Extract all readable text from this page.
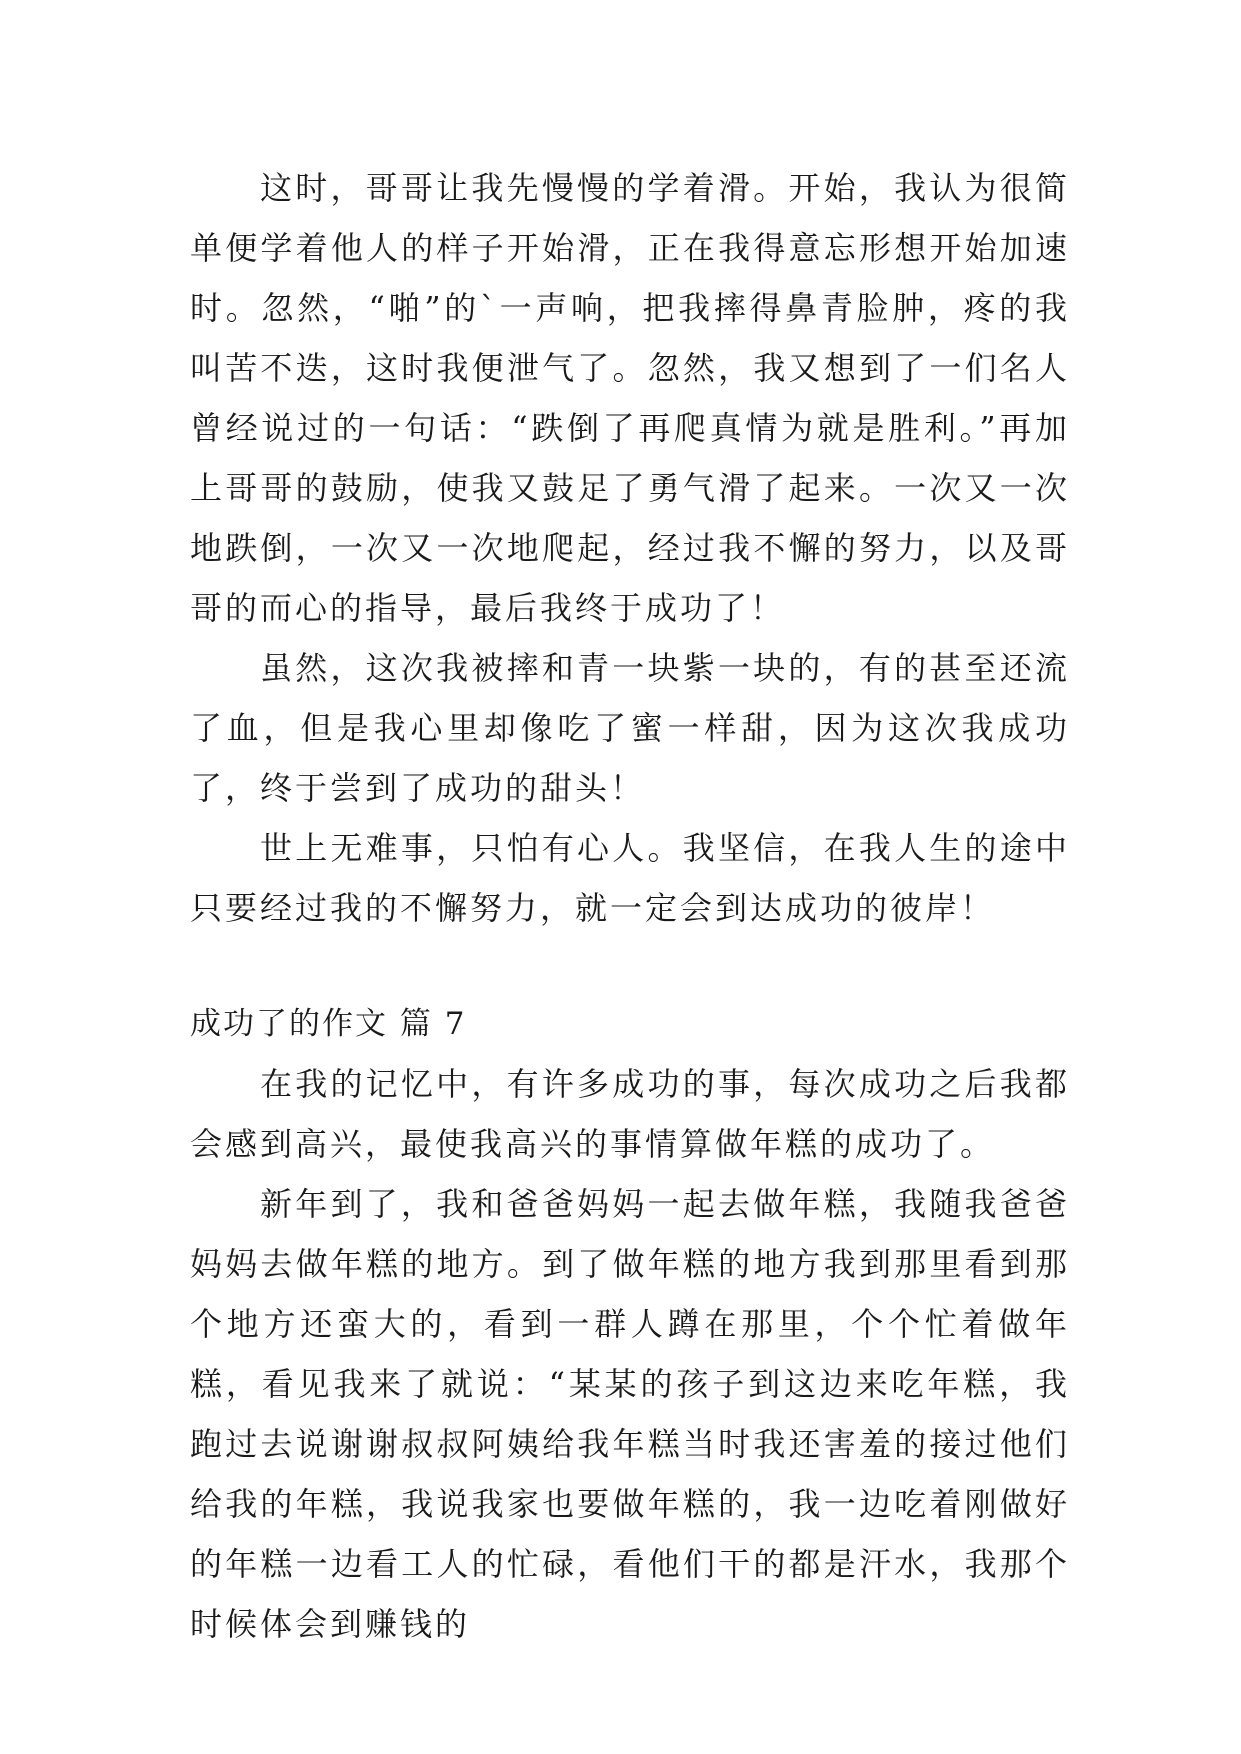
这时，哥哥让我先慢慢的学着滑。开始，我认为很简单便学着他人的样子开始滑，正在我得意忘形想开始加速时。忽然，“啪”的`一声响，把我摔得鼻青脸肿，疼的我叫苦不迭，这时我便泄气了。忽然，我又想到了一们名人曾经说过的一句话：“跌倒了再爬真情为就是胜利。”再加上哥哥的鼓励，使我又鼓足了勇气滑了起来。一次又一次地跌倒，一次又一次地爬起，经过我不懈的努力，以及哥哥的而心的指导，最后我终于成功了！

虽然，这次我被摔和青一块紫一块的，有的甚至还流了血，但是我心里却像吃了蜜一样甜，因为这次我成功了，终于尝到了成功的甜头！

世上无难事，只怕有心人。我坚信，在我人生的途中只要经过我的不懈努力，就一定会到达成功的彼岸！

成功了的作文 篇 7

在我的记忆中，有许多成功的事，每次成功之后我都会感到高兴，最使我高兴的事情算做年糕的成功了。

新年到了，我和爸爸妈妈一起去做年糕，我随我爸爸妈妈去做年糕的地方。到了做年糕的地方我到那里看到那个地方还蛮大的，看到一群人蹲在那里，个个忙着做年糕，看见我来了就说：“某某的孩子到这边来吃年糕，我跑过去说谢谢叔叔阿姨给我年糕当时我还害羞的接过他们给我的年糕，我说我家也要做年糕的，我一边吃着刚做好的年糕一边看工人的忙碌，看他们干的都是汗水，我那个时候体会到赚钱的
